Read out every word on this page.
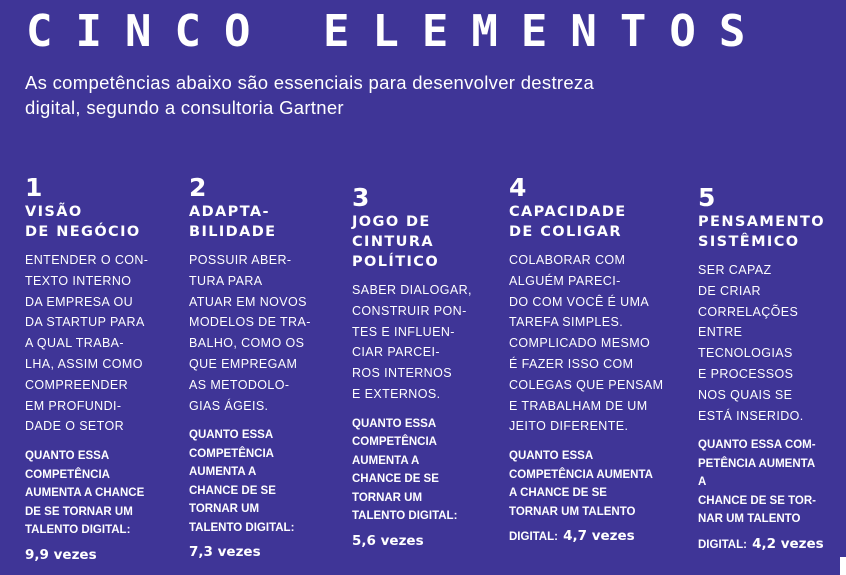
CINCO ELEMENTOS
As competências abaixo são essenciais para desenvolver destreza digital, segundo a consultoria Gartner
1
VISÃO
DE NEGÓCIO
ENTENDER O CON-
TEXTO INTERNO
DA EMPRESA OU
DA STARTUP PARA
A QUAL TRABA-
LHA, ASSIM COMO
COMPREENDER
EM PROFUNDI-
DADE O SETOR
QUANTO ESSA
COMPETÊNCIA
AUMENTA A CHANCE
DE SE TORNAR UM
TALENTO DIGITAL:
9,9 vezes
2
ADAPTA-
BILIDADE
POSSUIR ABER-
TURA PARA
ATUAR EM NOVOS
MODELOS DE TRA-
BALHO, COMO OS
QUE EMPREGAM
AS METODOLO-
GIAS ÁGEIS.
QUANTO ESSA
COMPETÊNCIA
AUMENTA A
CHANCE DE SE
TORNAR UM
TALENTO DIGITAL:
7,3 vezes
3
JOGO DE
CINTURA
POLÍTICO
SABER DIALOGAR,
CONSTRUIR PON-
TES E INFLUEN-
CIAR PARCEI-
ROS INTERNOS
E EXTERNOS.
QUANTO ESSA
COMPETÊNCIA
AUMENTA A
CHANCE DE SE
TORNAR UM
TALENTO DIGITAL:
5,6 vezes
4
CAPACIDADE
DE COLIGAR
COLABORAR COM
ALGUÉM PARECI-
DO COM VOCÊ É UMA
TAREFA SIMPLES.
COMPLICADO MESMO
É FAZER ISSO COM
COLEGAS QUE PENSAM
E TRABALHAM DE UM
JEITO DIFERENTE.
QUANTO ESSA
COMPETÊNCIA AUMENTA
A CHANCE DE SE
TORNAR UM TALENTO
DIGITAL: 4,7 vezes
5
PENSAMENTO
SISTÊMICO
SER CAPAZ
DE CRIAR
CORRELAÇÕES
ENTRE
TECNOLOGIAS
E PROCESSOS
NOS QUAIS SE
ESTÁ INSERIDO.
QUANTO ESSA COM-
PETÊNCIA AUMENTA
A
CHANCE DE SE TOR-
NAR UM TALENTO
DIGITAL: 4,2 vezes
